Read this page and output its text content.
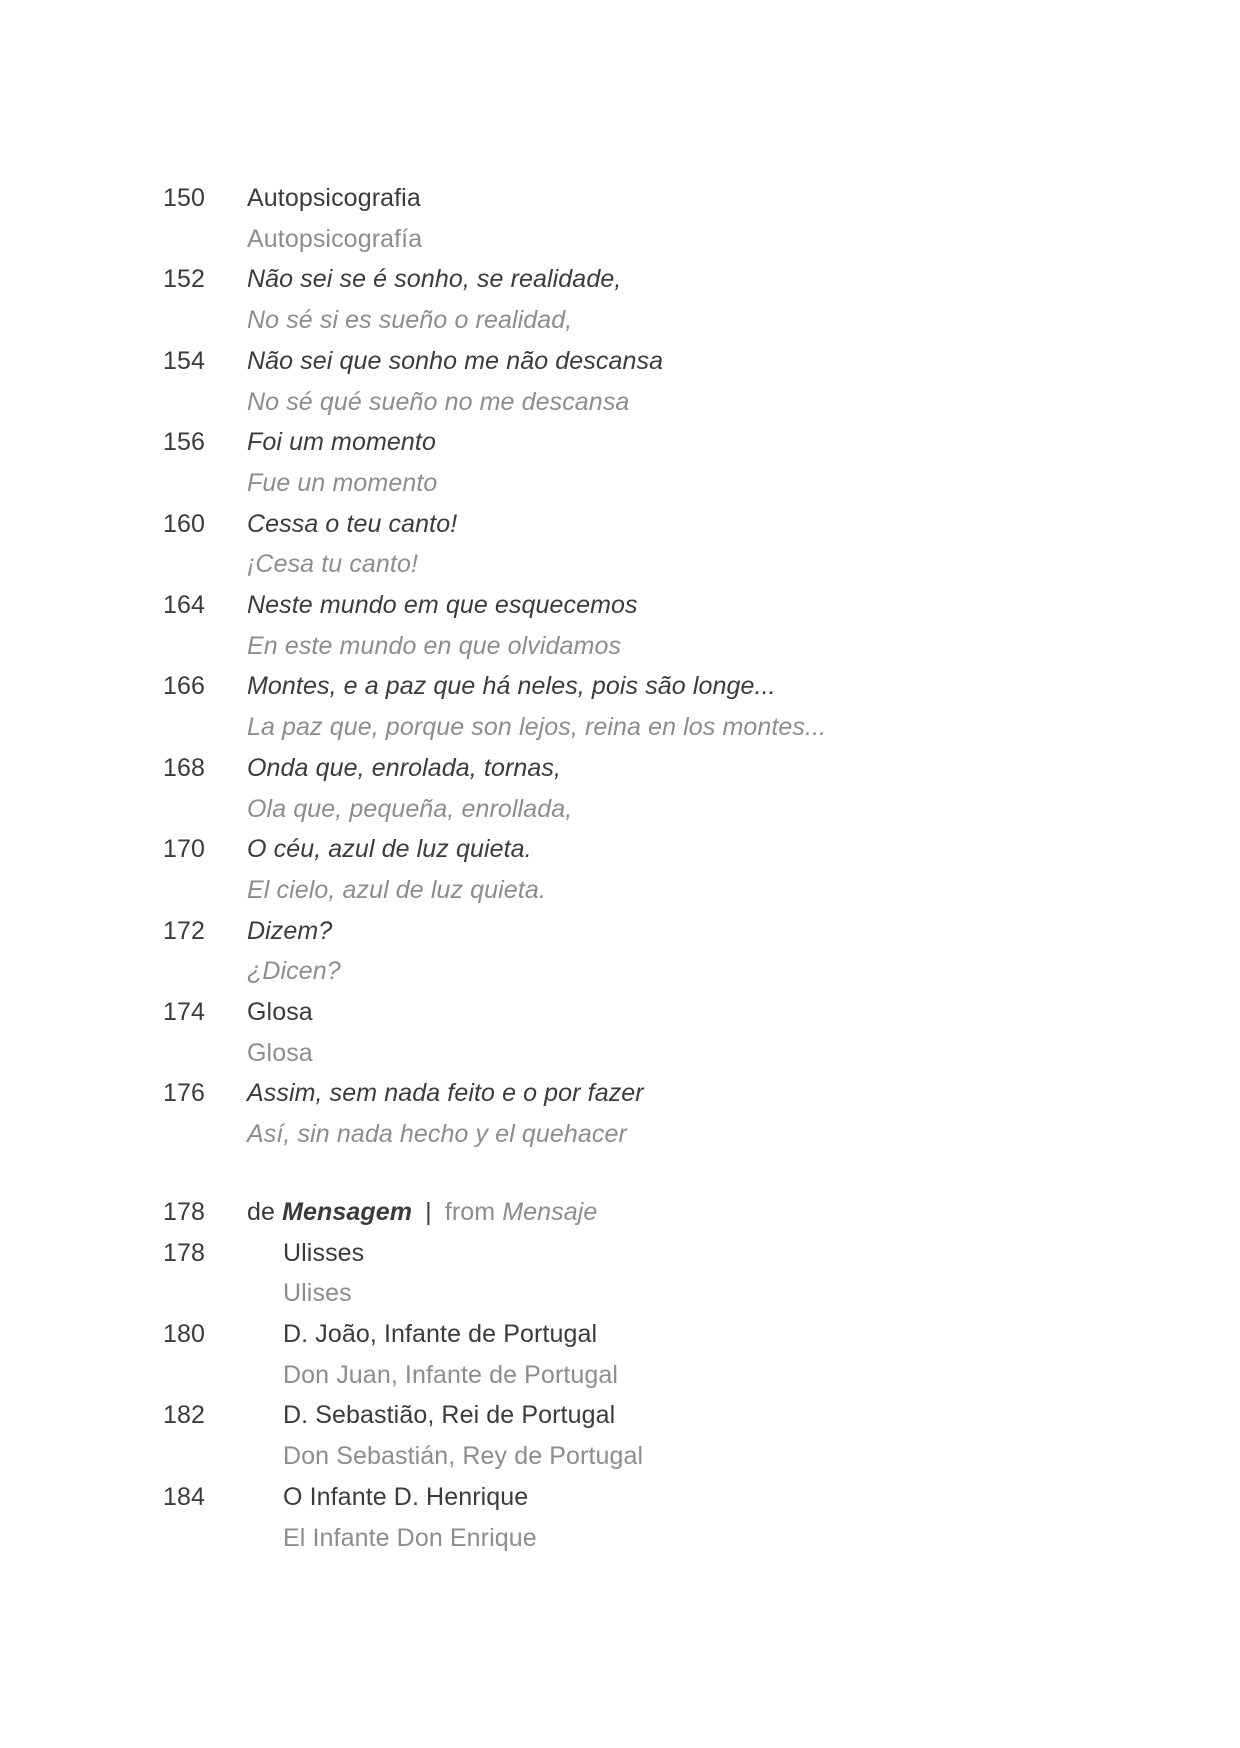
150	Autopsicografia
Autopsicografía
152	Não sei se é sonho, se realidade,
No sé si es sueño o realidad,
154	Não sei que sonho me não descansa
No sé qué sueño no me descansa
156	Foi um momento
Fue un momento
160	Cessa o teu canto!
¡Cesa tu canto!
164	Neste mundo em que esquecemos
En este mundo en que olvidamos
166	Montes, e a paz que há neles, pois são longe...
La paz que, porque son lejos, reina en los montes...
168	Onda que, enrolada, tornas,
Ola que, pequeña, enrollada,
170	O céu, azul de luz quieta.
El cielo, azul de luz quieta.
172	Dizem?
¿Dicen?
174	Glosa
Glosa
176	Assim, sem nada feito e o por fazer
Así, sin nada hecho y el quehacer
178	de Mensagem | from Mensaje
178	Ulisses
Ulises
180	D. João, Infante de Portugal
Don Juan, Infante de Portugal
182	D. Sebastião, Rei de Portugal
Don Sebastián, Rey de Portugal
184	O Infante D. Henrique
El Infante Don Enrique
